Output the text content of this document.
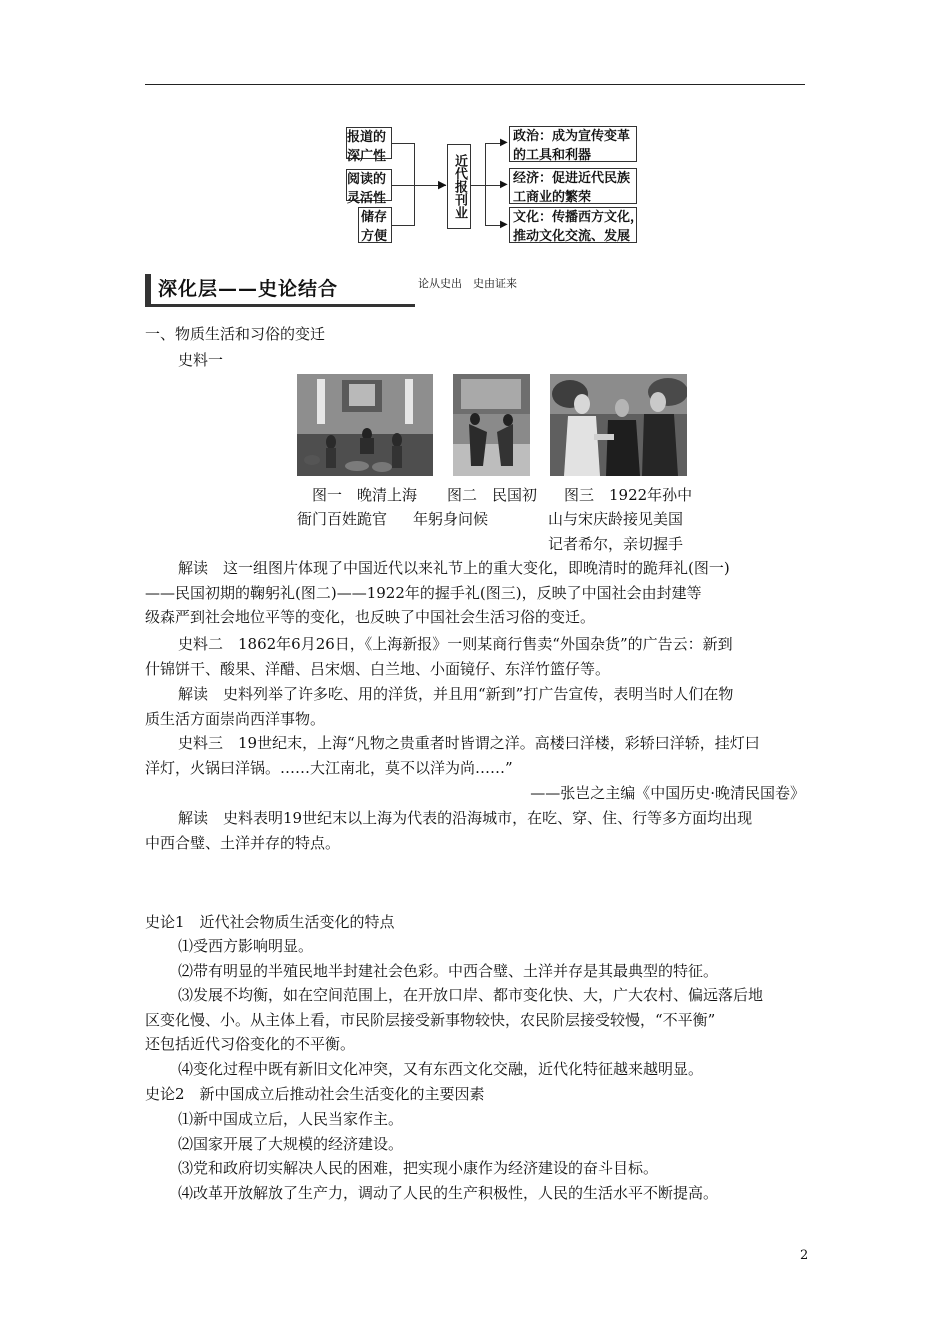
报道的
深广性
阅读的
灵活性
储存
方便
▶ 近代报刊业
▶
▶
▶
政治：成为宣传变革
的工具和利器
经济：促进近代民族
工商业的繁荣
文化：传播西方文化，
推动文化交流、发展
深化层——史论结合	论从史出　史由证来
一、物质生活和习俗的变迁
史料一
图一　晚清上海
衙门百姓跪官
图二　民国初
年躬身问候
图三　1922年孙中
山与宋庆龄接见美国
记者希尔，亲切握手
解读　这一组图片体现了中国近代以来礼节上的重大变化，即晚清时的跪拜礼(图一)
——民国初期的鞠躬礼(图二)——1922年的握手礼(图三)，反映了中国社会由封建等
级森严到社会地位平等的变化，也反映了中国社会生活习俗的变迁。
史料二　1862年6月26日，《上海新报》一则某商行售卖“外国杂货”的广告云：新到
什锦饼干、酸果、洋醋、吕宋烟、白兰地、小面镜仔、东洋竹篮仔等。
解读　史料列举了许多吃、用的洋货，并且用“新到”打广告宣传，表明当时人们在物
质生活方面崇尚西洋事物。
史料三　19世纪末，上海“凡物之贵重者时皆谓之洋。高楼曰洋楼，彩轿曰洋轿，挂灯曰
洋灯，火锅曰洋锅。……大江南北，莫不以洋为尚……”
——张岂之主编《中国历史·晚清民国卷》
解读　史料表明19世纪末以上海为代表的沿海城市，在吃、穿、住、行等多方面均出现
中西合璧、土洋并存的特点。
史论1　近代社会物质生活变化的特点
⑴受西方影响明显。
⑵带有明显的半殖民地半封建社会色彩。中西合璧、土洋并存是其最典型的特征。
⑶发展不均衡，如在空间范围上，在开放口岸、都市变化快、大，广大农村、偏远落后地
区变化慢、小。从主体上看，市民阶层接受新事物较快，农民阶层接受较慢，“不平衡”
还包括近代习俗变化的不平衡。
⑷变化过程中既有新旧文化冲突，又有东西文化交融，近代化特征越来越明显。
史论2　新中国成立后推动社会生活变化的主要因素
⑴新中国成立后，人民当家作主。
⑵国家开展了大规模的经济建设。
⑶党和政府切实解决人民的困难，把实现小康作为经济建设的奋斗目标。
⑷改革开放解放了生产力，调动了人民的生产积极性，人民的生活水平不断提高。
2
